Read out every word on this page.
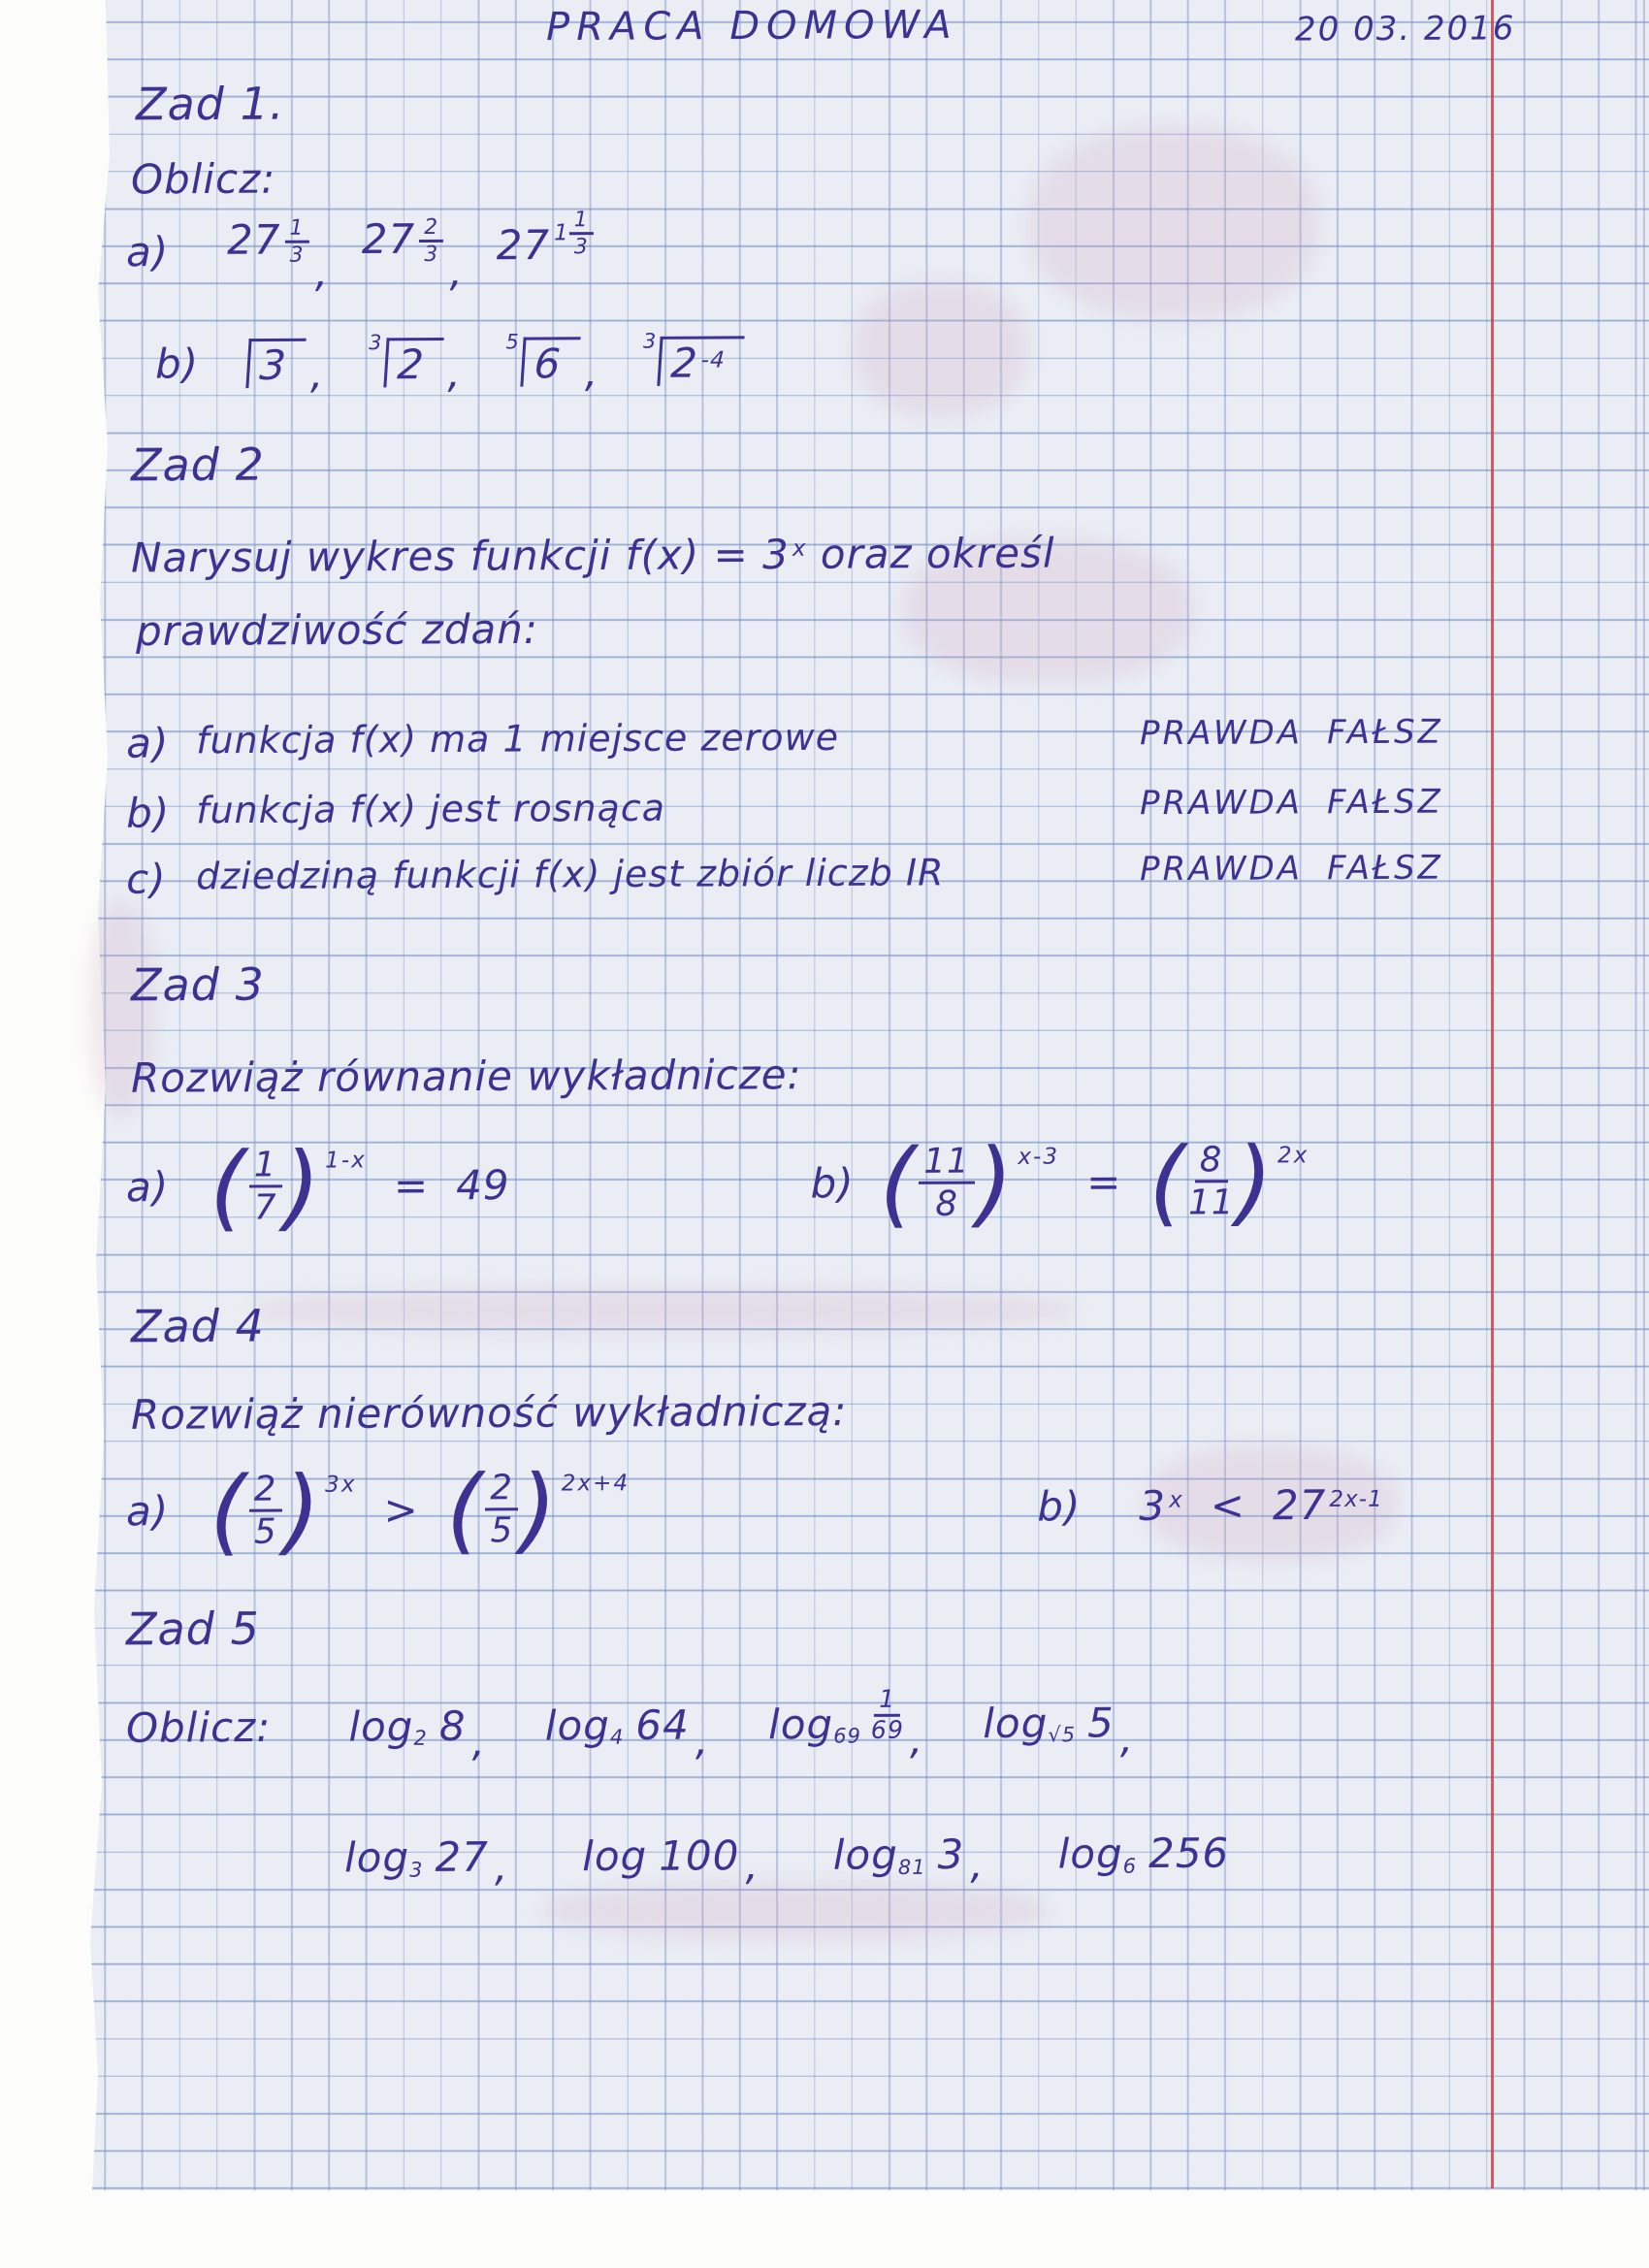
PRACA DOMOWA	20 03. 2016
Zad 1.
Oblicz:
a) 27 1
3 ,
27 2
3 ,
27 1
1
3
b)	3 ,
3 2 ,
5 6 ,
3 $2^{-4}$
Zad 2
Narysuj wykres funkcji f(x) = 3 $^x$ oraz określ
prawdziwość zdań:
a) funkcja f(x) ma 1 miejsce zerowe	PRAWDA FAŁSZ
b) funkcja f(x) jest rosnąca	PRAWDA FAŁSZ
c) dziedziną funkcji f(x) jest zbiór liczb IR	PRAWDA FAŁSZ
Zad 3
Rozwiąż równanie wykładnicze:
a) ( 1
7 ) 1-x
= 49	b) ( 11
8 ) x-3
= ( 8
11 ) 2x
Zad 4
Rozwiąż nierówność wykładniczą:
a) ( 2
5 ) 3x
> ( 2
5 ) 2x+4	b) 3 $^x$ < 27 $^{2x-1}$
Zad 5
Oblicz: log 2 8 , log 4 64 , log 69
1
69 , log √5 5 ,
log 3 27 , log 100 , log 81 3 , log 6 256
